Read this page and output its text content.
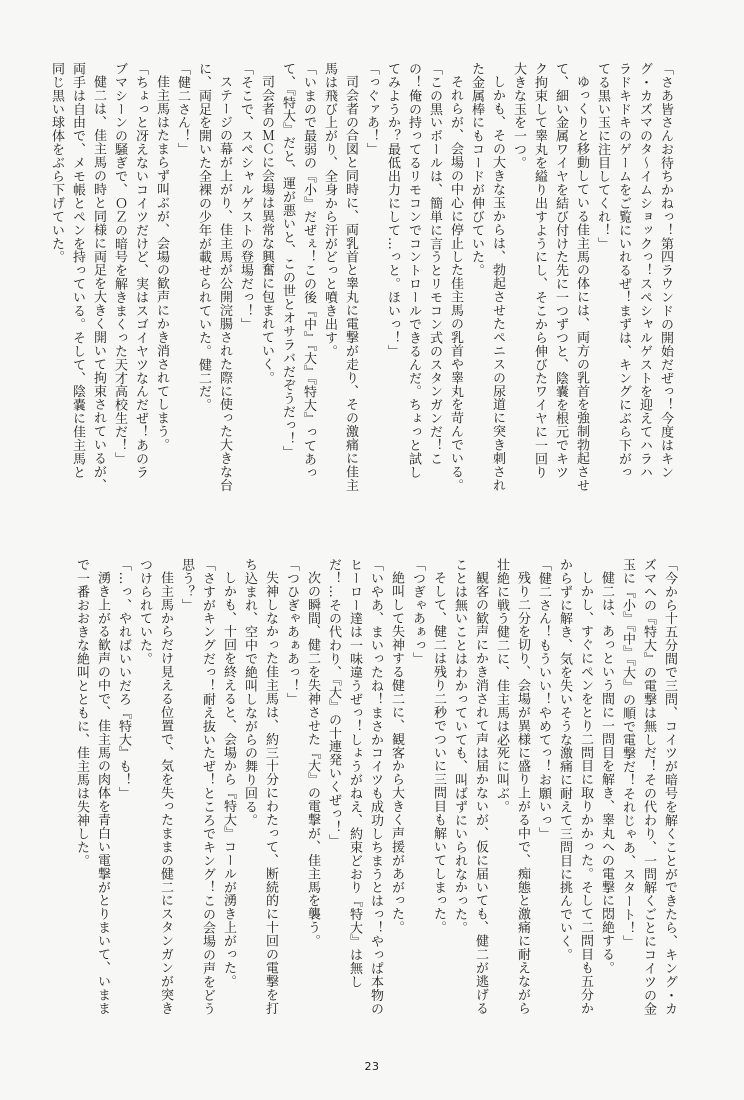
「さあ皆さんお待ちかねっ！第四ラウンドの開始だぜっ！今度はキング・カズマのタ～イムショックっ！スペシャルゲストを迎えてハラハラドキドキのゲームをご覧にいれるぜ！まずは、キングにぶら下がってる黒い玉に注目してくれ！」

ゆっくりと移動している佳主馬の体には、両方の乳首を強制勃起させて、細い金属ワイヤを結び付けた先に一つずつと、陰嚢を根元でキツク拘束して睾丸を縊り出すようにし、そこから伸びたワイヤに一回り大きな玉を一つ。

しかも、その大きな玉からは、勃起させたペニスの尿道に突き刺された金属棒にもコードが伸びていた。

それらが、会場の中心に停止した佳主馬の乳首や睾丸を苛んでいる。

「この黒いボールは、簡単に言うとリモコン式のスタンガンだ！この！俺の持ってるリモコンでコントロールできるんだ。ちょっと試してみようか？最低出力にして…っと。ほいっ！」

「っぐァあ！」

司会者の合図と同時に、両乳首と睾丸に電撃が走り、その激痛に佳主馬は飛び上がり、全身から汗がどっと噴き出す。

「いまので最弱の『小』だぜぇ！この後『中』『大』『特大』ってあって、『特大』だと、運が悪いと、この世とオサラバだぞうだっ！」

司会者のＭＣに会場は異常な興奮に包まれていく。

「そこで、スペシャルゲストの登場だっ！」

ステージの幕が上がり、佳主馬が公開浣腸された際に使った大きな台に、両足を開いた全裸の少年が載せられていた。健二だ。

「健二さん！」

佳主馬はたまらず叫ぶが、会場の歓声にかき消されてしまう。

「ちょっと冴えないコイツだけど、実はスゴイヤツなんだぜ！あのラブマシーンの騒ぎで、ＯＺの暗号を解きまくった天才高校生だ！」

健二は、佳主馬の時と同様に両足を大きく開いて拘束されているが、両手は自由で、メモ帳とペンを持っている。そして、陰嚢に佳主馬と同じ黒い球体をぶら下げていた。

「今から十五分間で三問、コイツが暗号を解くことができたら、キング・カズマへの『特大』の電撃は無しだ！その代わり、一問解くごとにコイツの金玉に『小』『中』『大』の順で電撃だ！それじゃあ、スタート！」

健二は、あっという間に一問目を解き、睾丸への電撃に悶絶する。

しかし、すぐにペンをとり二問目に取りかかった。そして二問目も五分かからずに解き、気を失いそうな激痛に耐えて三問目に挑んでいく。

「健二さん！もういい！やめてっ！お願いっ」

残り二分を切り、会場が異様に盛り上がる中で、痴態と激痛に耐えながら壮絶に戦う健二に、佳主馬は必死に叫ぶ。

観客の歓声にかき消されて声は届かないが、仮に届いても、健二が逃げることは無いことはわかっていても、叫ばずにいられなかった。

そして、健二は残り二秒でついに三問目も解いてしまった。

「つぎゃあぁっ」

絶叫して失神する健二に、観客から大きく声援があがった。

「いやあ、まいったね！まさかコイツも成功しちまうとはっ！やっぱ本物のヒーロー達は一味違うぜっ！しょうがねえ、約束どおり『特大』は無しだ！…その代わり、『大』の十連発いくぜっ！」

次の瞬間、健二を失神させた『大』の電撃が、佳主馬を襲う。

「つひぎゃあぁあっ！」

失神しなかった佳主馬は、約三十分にわたって、断続的に十回の電撃を打ち込まれ、空中で絶叫しながらの舞り回る。

しかも、十回を終えると、会場から『特大』コールが湧き上がった。

「さすがキングだっ！耐え抜いたぜ！ところでキング！この会場の声をどう思う？」

佳主馬からだけ見える位置で、気を失ったままの健二にスタンガンが突きつけられていた。

「…っ、やればいいだろ『特大』も！」

湧き上がる歓声の中で、佳主馬の肉体を青白い電撃がとりまいて、いままで一番おおきな絶叫とともに、佳主馬は失神した。

23
